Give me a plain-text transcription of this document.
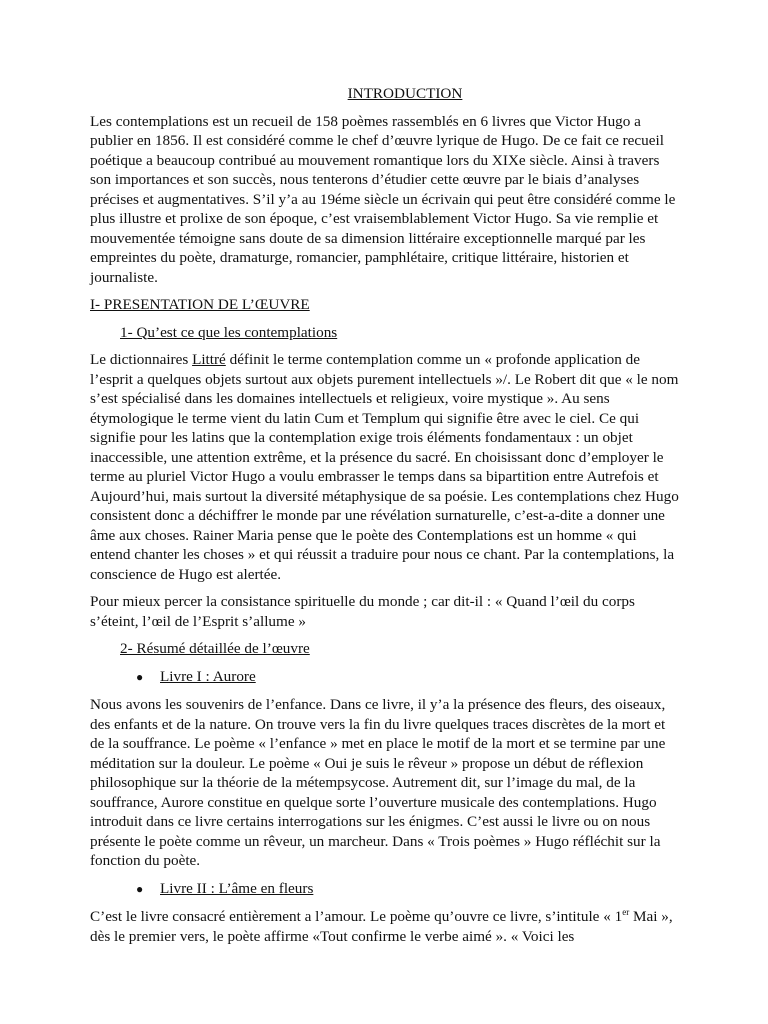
INTRODUCTION

Les contemplations est un recueil de 158 poèmes rassemblés en 6 livres que Victor Hugo a publier en 1856. Il est considéré comme le chef d’œuvre lyrique de Hugo. De ce fait ce recueil poétique a beaucoup contribué au mouvement romantique lors du XIXe siècle. Ainsi à travers son importances et son succès, nous tenterons d’étudier cette œuvre par le biais d’analyses précises et augmentatives. S’il y’a au 19éme siècle un écrivain qui peut être considéré comme le plus illustre et prolixe de son époque, c’est vraisemblablement Victor Hugo. Sa vie remplie et mouvementée témoigne sans doute de sa dimension littéraire exceptionnelle marqué par les empreintes du poète, dramaturge, romancier, pamphlétaire, critique littéraire, historien et journaliste.

I- PRESENTATION DE L’ŒUVRE
1- Qu’est ce que les contemplations

Le dictionnaires Littré définit le terme contemplation comme un « profonde application de l’esprit a quelques objets surtout aux objets purement intellectuels »/. Le Robert dit que « le nom s’est spécialisé dans les domaines intellectuels et religieux, voire mystique ». Au sens étymologique le terme vient du latin Cum et Templum qui signifie être avec le ciel. Ce qui signifie pour les latins que la contemplation exige trois éléments fondamentaux : un objet inaccessible, une attention extrême, et la présence du sacré. En choisissant donc d’employer le terme au pluriel Victor Hugo a voulu embrasser le temps dans sa bipartition entre Autrefois et Aujourd’hui, mais surtout la diversité métaphysique de sa poésie. Les contemplations chez Hugo consistent donc a déchiffrer le monde par une révélation surnaturelle, c’est-a-dite a donner une âme aux choses. Rainer Maria pense que le poète des Contemplations est un homme « qui entend chanter les choses » et qui réussit a traduire pour nous ce chant. Par la contemplations, la conscience de Hugo est alertée.

Pour mieux percer la consistance spirituelle du monde ; car dit-il : « Quand l’œil du corps s’éteint, l’œil de l’Esprit s’allume »

2- Résumé détaillée de l’œuvre
●	Livre I : Aurore

Nous avons les souvenirs de l’enfance. Dans ce livre, il y’a la présence des fleurs, des oiseaux, des enfants et de la nature. On trouve vers la fin du livre quelques traces discrètes de la mort et de la souffrance. Le poème « l’enfance » met en place le motif de la mort et se termine par une méditation sur la douleur. Le poème « Oui je suis le rêveur » propose un début de réflexion philosophique sur la théorie de la métempsycose. Autrement dit, sur l’image du mal, de la souffrance, Aurore constitue en quelque sorte l’ouverture musicale des contemplations. Hugo introduit dans ce livre certains interrogations sur les énigmes. C’est aussi le livre ou on nous présente le poète comme un rêveur, un marcheur. Dans « Trois poèmes » Hugo réfléchit sur la fonction du poète.

●	Livre II : L’âme en fleurs

C’est le livre consacré entièrement a l’amour. Le poème qu’ouvre ce livre, s’intitule « 1er Mai », dès le premier vers, le poète affirme «Tout confirme le verbe aimé ». « Voici les
